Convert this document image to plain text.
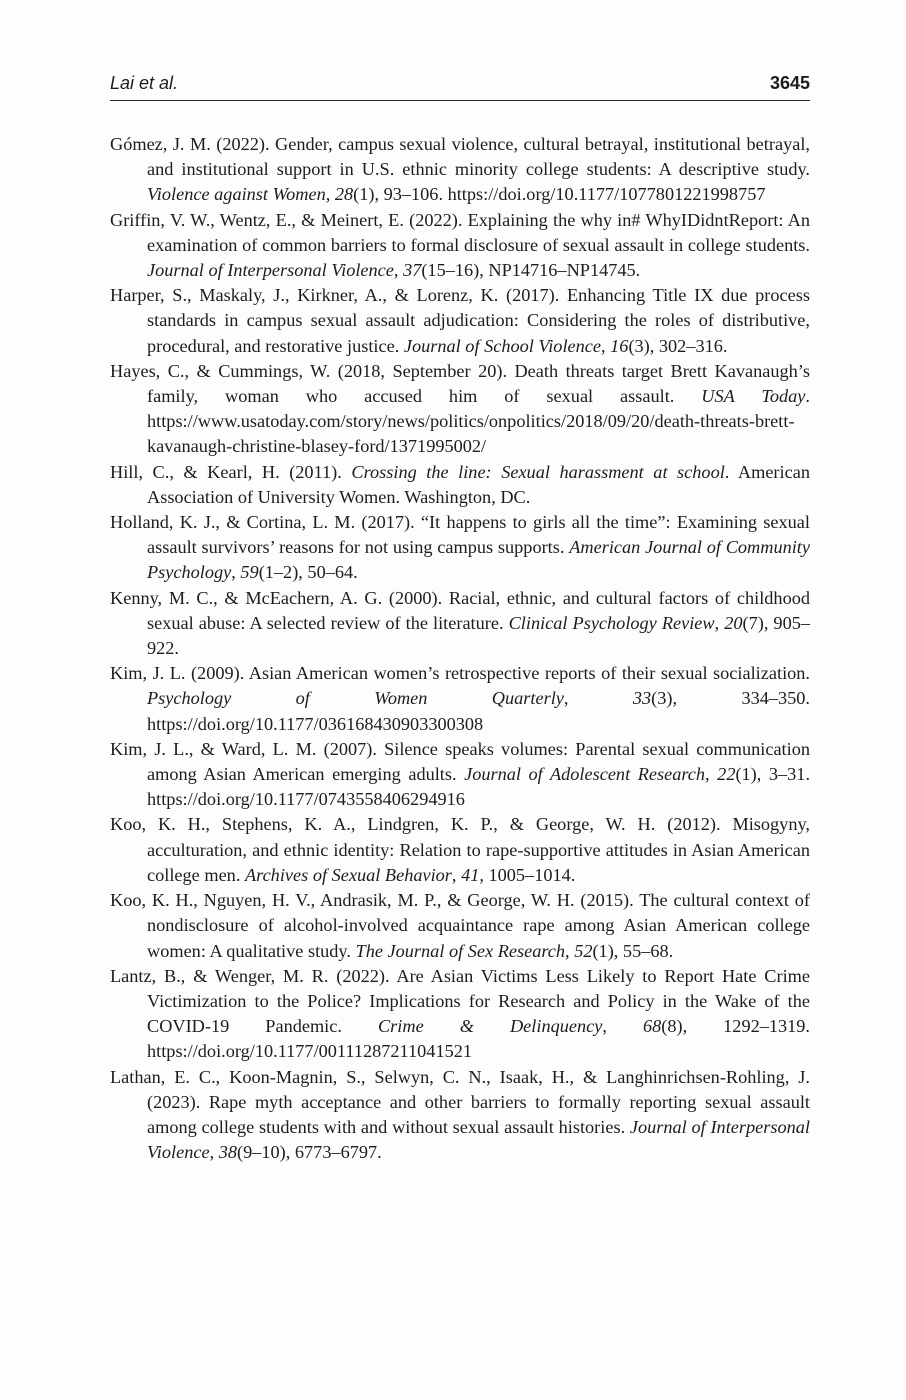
Lai et al.	3645

Gómez, J. M. (2022). Gender, campus sexual violence, cultural betrayal, institutional betrayal, and institutional support in U.S. ethnic minority college students: A descriptive study. Violence against Women, 28(1), 93–106. https://doi.org/10.1177/1077801221998757

Griffin, V. W., Wentz, E., & Meinert, E. (2022). Explaining the why in# WhyIDidntReport: An examination of common barriers to formal disclosure of sexual assault in college students. Journal of Interpersonal Violence, 37(15–16), NP14716–NP14745.

Harper, S., Maskaly, J., Kirkner, A., & Lorenz, K. (2017). Enhancing Title IX due process standards in campus sexual assault adjudication: Considering the roles of distributive, procedural, and restorative justice. Journal of School Violence, 16(3), 302–316.

Hayes, C., & Cummings, W. (2018, September 20). Death threats target Brett Kavanaugh’s family, woman who accused him of sexual assault. USA Today. https://www.usatoday.com/story/news/politics/onpolitics/2018/09/20/death-threats-brett-kavanaugh-christine-blasey-ford/1371995002/

Hill, C., & Kearl, H. (2011). Crossing the line: Sexual harassment at school. American Association of University Women. Washington, DC.

Holland, K. J., & Cortina, L. M. (2017). “It happens to girls all the time”: Examining sexual assault survivors’ reasons for not using campus supports. American Journal of Community Psychology, 59(1–2), 50–64.

Kenny, M. C., & McEachern, A. G. (2000). Racial, ethnic, and cultural factors of childhood sexual abuse: A selected review of the literature. Clinical Psychology Review, 20(7), 905–922.

Kim, J. L. (2009). Asian American women’s retrospective reports of their sexual socialization. Psychology of Women Quarterly, 33(3), 334–350. https://doi.org/10.1177/036168430903300308

Kim, J. L., & Ward, L. M. (2007). Silence speaks volumes: Parental sexual communication among Asian American emerging adults. Journal of Adolescent Research, 22(1), 3–31. https://doi.org/10.1177/0743558406294916

Koo, K. H., Stephens, K. A., Lindgren, K. P., & George, W. H. (2012). Misogyny, acculturation, and ethnic identity: Relation to rape-supportive attitudes in Asian American college men. Archives of Sexual Behavior, 41, 1005–1014.

Koo, K. H., Nguyen, H. V., Andrasik, M. P., & George, W. H. (2015). The cultural context of nondisclosure of alcohol-involved acquaintance rape among Asian American college women: A qualitative study. The Journal of Sex Research, 52(1), 55–68.

Lantz, B., & Wenger, M. R. (2022). Are Asian Victims Less Likely to Report Hate Crime Victimization to the Police? Implications for Research and Policy in the Wake of the COVID-19 Pandemic. Crime & Delinquency, 68(8), 1292–1319. https://doi.org/10.1177/00111287211041521

Lathan, E. C., Koon-Magnin, S., Selwyn, C. N., Isaak, H., & Langhinrichsen-Rohling, J. (2023). Rape myth acceptance and other barriers to formally reporting sexual assault among college students with and without sexual assault histories. Journal of Interpersonal Violence, 38(9–10), 6773–6797.
